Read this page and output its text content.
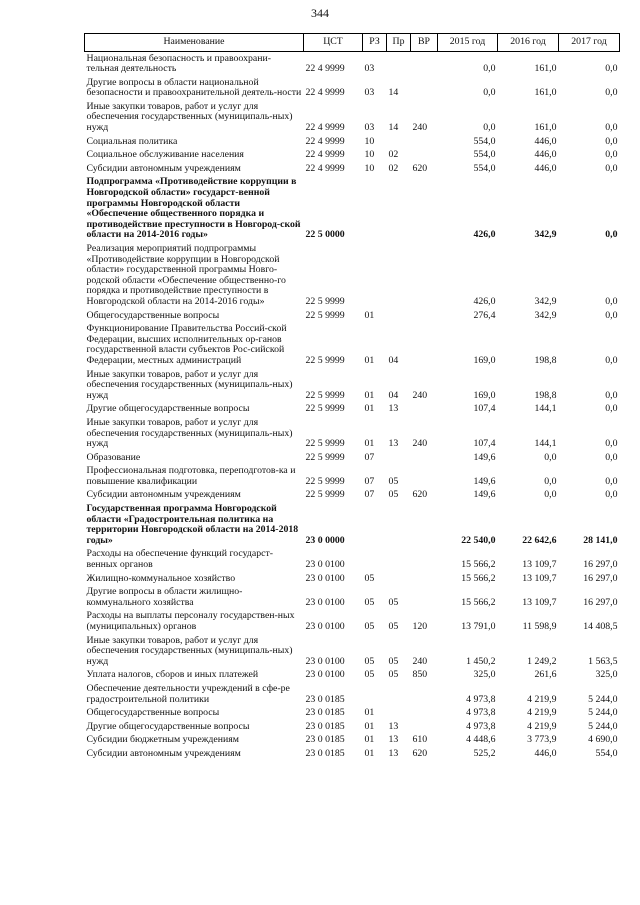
344
Наименование	ЦСТ	РЗ	Пр	ВР	2015 год	2016 год	2017 год
Национальная безопасность и правоохрани-тельная деятельность	22 4 9999	03			0,0	161,0	0,0
Другие вопросы в области национальной безопасности и правоохранительной деятель-ности	22 4 9999	03	14		0,0	161,0	0,0
Иные закупки товаров, работ и услуг для обеспечения государственных (муниципаль-ных) нужд	22 4 9999	03	14	240	0,0	161,0	0,0
Социальная политика	22 4 9999	10			554,0	446,0	0,0
Социальное обслуживание населения	22 4 9999	10	02		554,0	446,0	0,0
Субсидии автономным учреждениям	22 4 9999	10	02	620	554,0	446,0	0,0
Подпрограмма «Противодействие коррупции в Новгородской области» государст-венной программы Новгородской области «Обеспечение общественного порядка и противодействие преступности в Новгород-ской области на 2014-2016 годы»	22 5 0000				426,0	342,9	0,0
Реализация мероприятий подпрограммы «Противодействие коррупции в Новгородской области» государственной программы Новго-родской области «Обеспечение общественно-го порядка и противодействие преступности в Новгородской области на 2014-2016 годы»	22 5 9999				426,0	342,9	0,0
Общегосударственные вопросы	22 5 9999	01			276,4	342,9	0,0
Функционирование Правительства Россий-ской Федерации, высших исполнительных ор-ганов государственной власти субъектов Рос-сийской Федерации, местных администраций	22 5 9999	01	04		169,0	198,8	0,0
Иные закупки товаров, работ и услуг для обеспечения государственных (муниципаль-ных) нужд	22 5 9999	01	04	240	169,0	198,8	0,0
Другие общегосударственные вопросы	22 5 9999	01	13		107,4	144,1	0,0
Иные закупки товаров, работ и услуг для обеспечения государственных (муниципаль-ных) нужд	22 5 9999	01	13	240	107,4	144,1	0,0
Образование	22 5 9999	07			149,6	0,0	0,0
Профессиональная подготовка, переподготов-ка и повышение квалификации	22 5 9999	07	05		149,6	0,0	0,0
Субсидии автономным учреждениям	22 5 9999	07	05	620	149,6	0,0	0,0
Государственная программа Новгородской области «Градостроительная политика на территории Новгородской области на 2014-2018 годы»	23 0 0000				22 540,0	22 642,6	28 141,0
Расходы на обеспечение функций государст-венных органов	23 0 0100				15 566,2	13 109,7	16 297,0
Жилищно-коммунальное хозяйство	23 0 0100	05			15 566,2	13 109,7	16 297,0
Другие вопросы в области жилищно-коммунального хозяйства	23 0 0100	05	05		15 566,2	13 109,7	16 297,0
Расходы на выплаты персоналу государствен-ных (муниципальных) органов	23 0 0100	05	05	120	13 791,0	11 598,9	14 408,5
Иные закупки товаров, работ и услуг для обеспечения государственных (муниципаль-ных) нужд	23 0 0100	05	05	240	1 450,2	1 249,2	1 563,5
Уплата налогов, сборов и иных платежей	23 0 0100	05	05	850	325,0	261,6	325,0
Обеспечение деятельности учреждений в сфе-ре градостроительной политики	23 0 0185				4 973,8	4 219,9	5 244,0
Общегосударственные вопросы	23 0 0185	01			4 973,8	4 219,9	5 244,0
Другие общегосударственные вопросы	23 0 0185	01	13		4 973,8	4 219,9	5 244,0
Субсидии бюджетным учреждениям	23 0 0185	01	13	610	4 448,6	3 773,9	4 690,0
Субсидии автономным учреждениям	23 0 0185	01	13	620	525,2	446,0	554,0
